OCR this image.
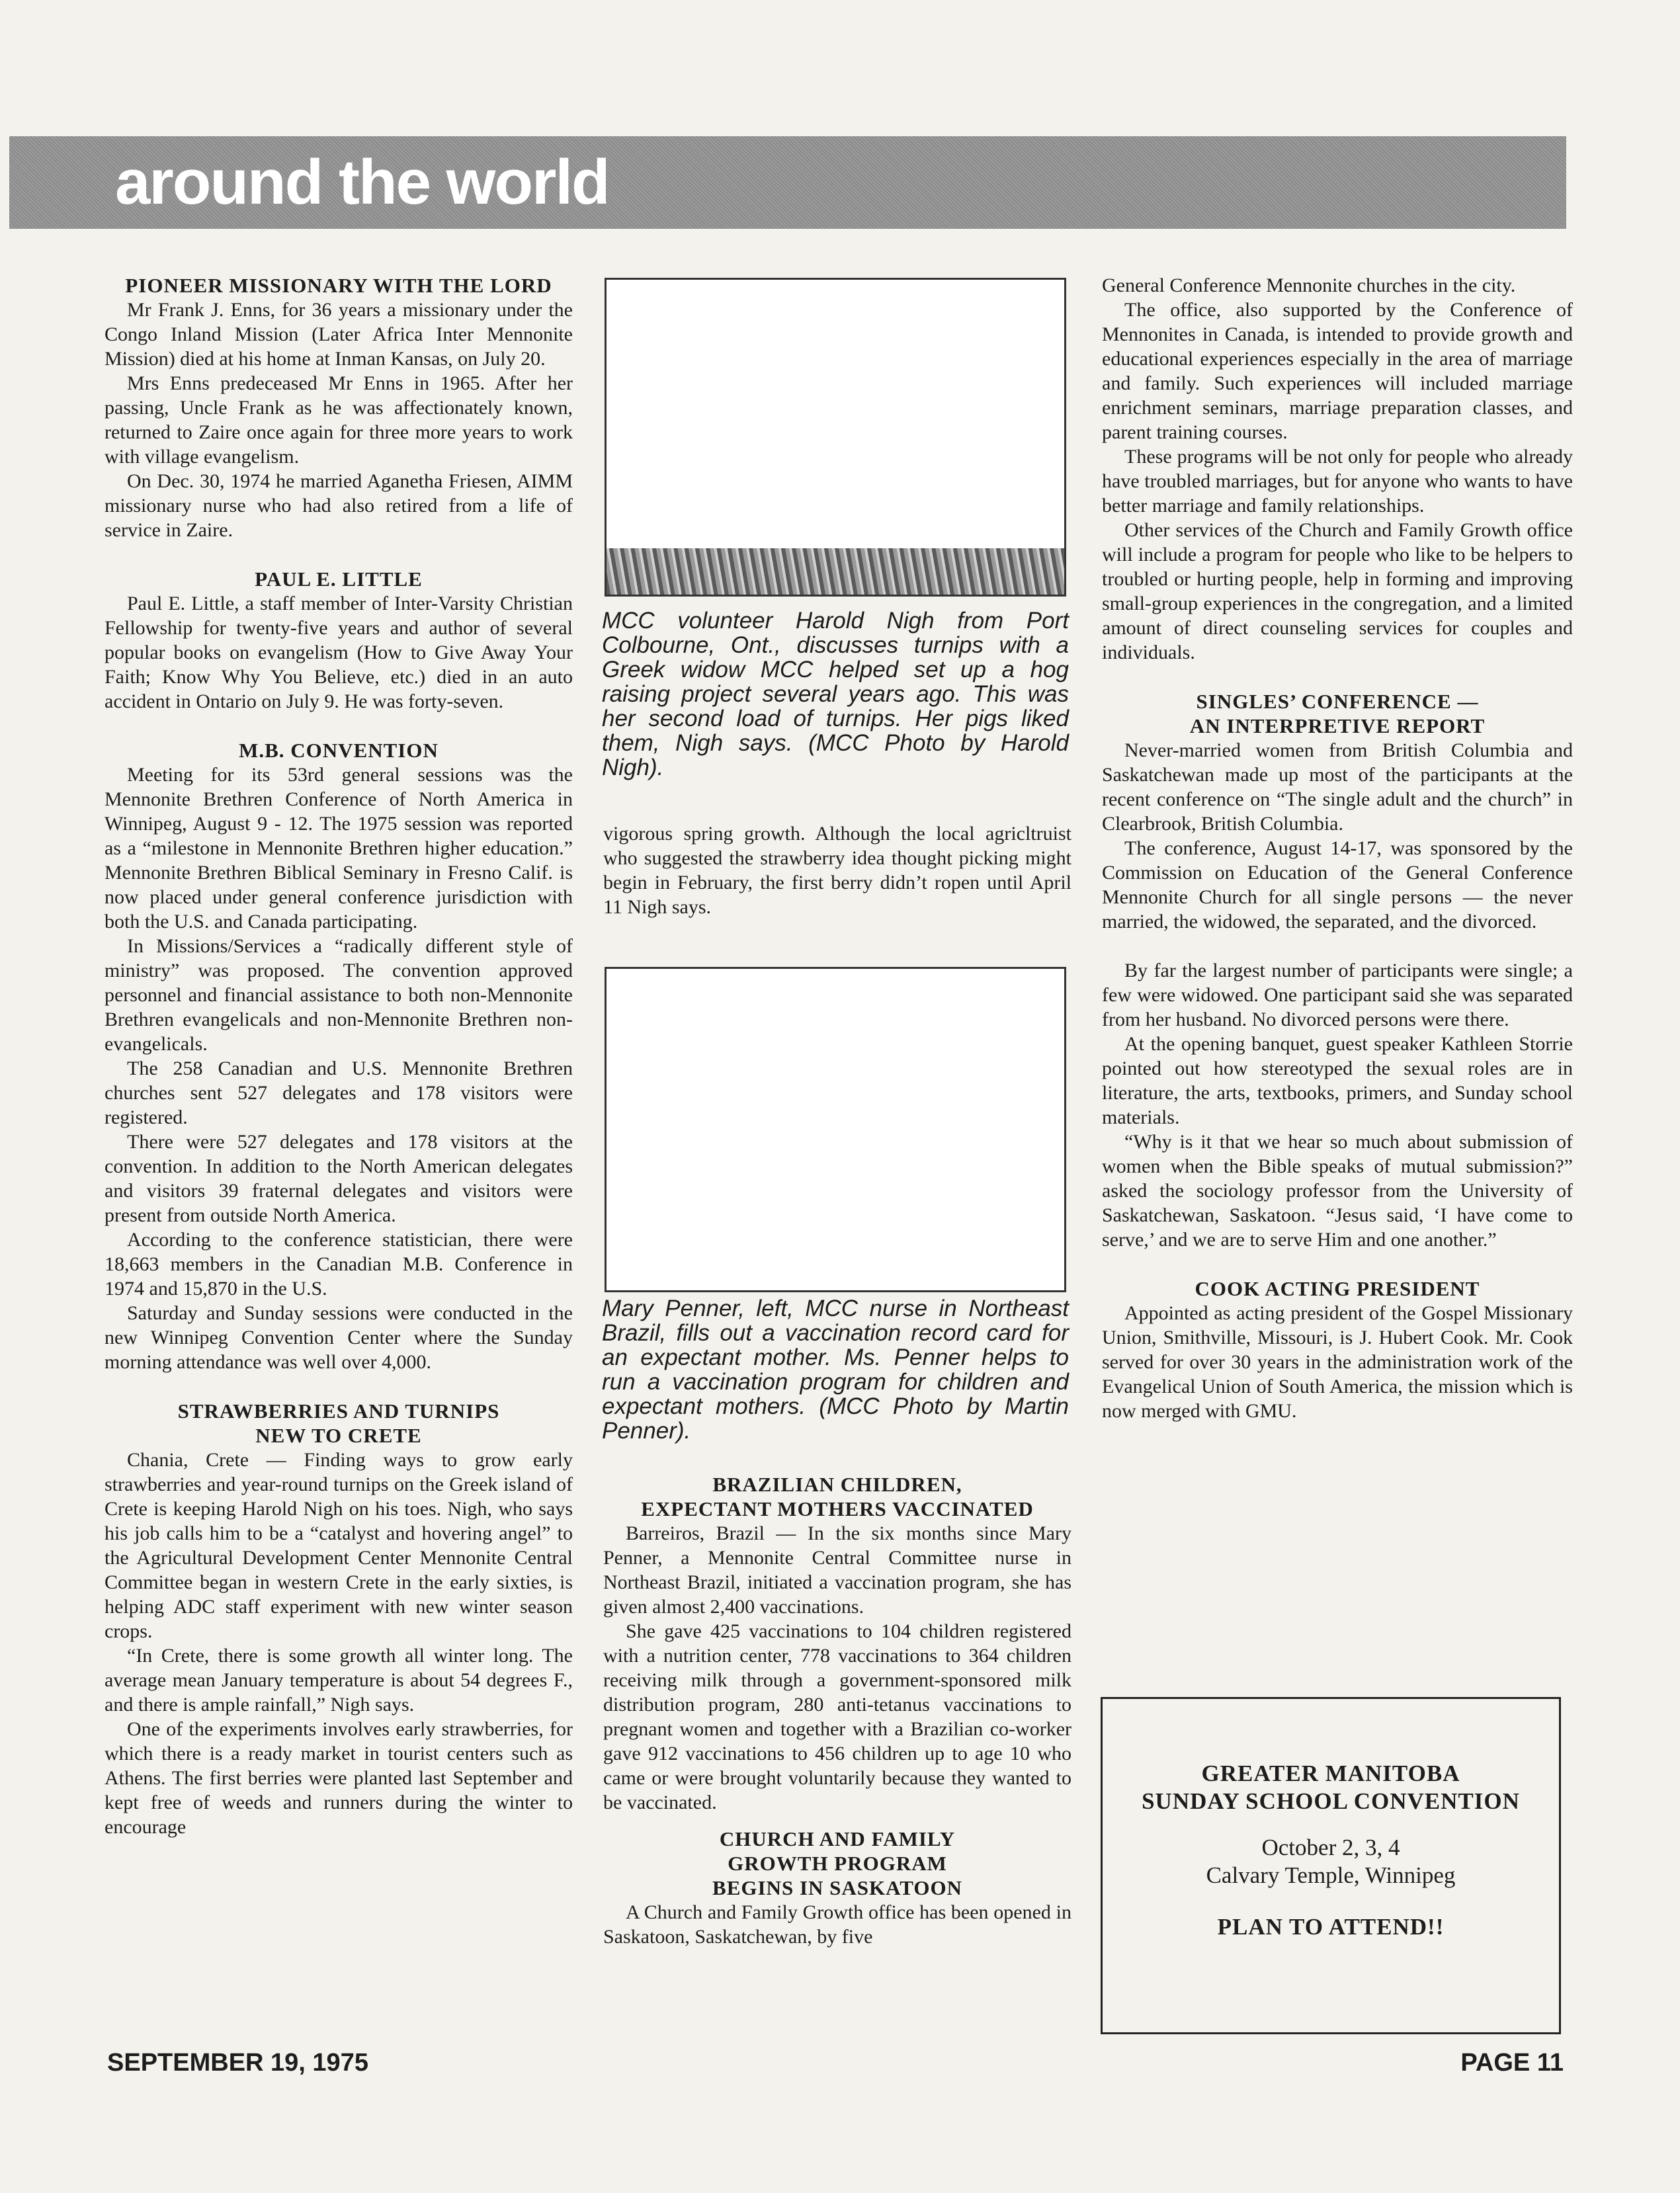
around the world
PIONEER MISSIONARY WITH THE LORD

Mr Frank J. Enns, for 36 years a missionary under the Congo Inland Mission (Later Africa Inter Mennonite Mission) died at his home at Inman Kansas, on July 20.

Mrs Enns predeceased Mr Enns in 1965. After her passing, Uncle Frank as he was affectionately known, returned to Zaire once again for three more years to work with village evangelism.

On Dec. 30, 1974 he married Aganetha Friesen, AIMM missionary nurse who had also retired from a life of service in Zaire.

PAUL E. LITTLE

Paul E. Little, a staff member of Inter-Varsity Christian Fellowship for twenty-five years and author of several popular books on evangelism (How to Give Away Your Faith; Know Why You Believe, etc.) died in an auto accident in Ontario on July 9. He was forty-seven.

M.B. CONVENTION

Meeting for its 53rd general sessions was the Mennonite Brethren Conference of North America in Winnipeg, August 9 - 12. The 1975 session was reported as a “milestone in Mennonite Brethren higher education.” Mennonite Brethren Biblical Seminary in Fresno Calif. is now placed under general conference jurisdiction with both the U.S. and Canada participating.

In Missions/Services a “radically different style of ministry” was proposed. The convention approved personnel and financial assistance to both non-Mennonite Brethren evangelicals and non-Mennonite Brethren non-evangelicals.

The 258 Canadian and U.S. Mennonite Brethren churches sent 527 delegates and 178 visitors were registered.

There were 527 delegates and 178 visitors at the convention. In addition to the North American delegates and visitors 39 fraternal delegates and visitors were present from outside North America.

According to the conference statistician, there were 18,663 members in the Canadian M.B. Conference in 1974 and 15,870 in the U.S.

Saturday and Sunday sessions were conducted in the new Winnipeg Convention Center where the Sunday morning attendance was well over 4,000.

STRAWBERRIES AND TURNIPS
NEW TO CRETE

Chania, Crete — Finding ways to grow early strawberries and year-round turnips on the Greek island of Crete is keeping Harold Nigh on his toes. Nigh, who says his job calls him to be a “catalyst and hovering angel” to the Agricultural Development Center Mennonite Central Committee began in western Crete in the early sixties, is helping ADC staff experiment with new winter season crops.

“In Crete, there is some growth all winter long. The average mean January temperature is about 54 degrees F., and there is ample rainfall,” Nigh says.

One of the experiments involves early strawberries, for which there is a ready market in tourist centers such as Athens. The first berries were planted last September and kept free of weeds and runners during the winter to encourage

MCC volunteer Harold Nigh from Port Colbourne, Ont., discusses turnips with a Greek widow MCC helped set up a hog raising project several years ago. This was her second load of turnips. Her pigs liked them, Nigh says. (MCC Photo by Harold Nigh).

vigorous spring growth. Although the local agricltruist who suggested the strawberry idea thought picking might begin in February, the first berry didn’t ropen until April 11 Nigh says.

Mary Penner, left, MCC nurse in Northeast Brazil, fills out a vaccination record card for an expectant mother. Ms. Penner helps to run a vaccination program for children and expectant mothers. (MCC Photo by Martin Penner).
BRAZILIAN CHILDREN,
EXPECTANT MOTHERS VACCINATED

Barreiros, Brazil — In the six months since Mary Penner, a Mennonite Central Committee nurse in Northeast Brazil, initiated a vaccination program, she has given almost 2,400 vaccinations.

She gave 425 vaccinations to 104 children registered with a nutrition center, 778 vaccinations to 364 children receiving milk through a government-sponsored milk distribution program, 280 anti-tetanus vaccinations to pregnant women and together with a Brazilian co-worker gave 912 vaccinations to 456 children up to age 10 who came or were brought voluntarily because they wanted to be vaccinated.

CHURCH AND FAMILY
GROWTH PROGRAM
BEGINS IN SASKATOON

A Church and Family Growth office has been opened in Saskatoon, Saskatchewan, by five

General Conference Mennonite churches in the city.

The office, also supported by the Conference of Mennonites in Canada, is intended to provide growth and educational experiences especially in the area of marriage and family. Such experiences will included marriage enrichment seminars, marriage preparation classes, and parent training courses.

These programs will be not only for people who already have troubled marriages, but for anyone who wants to have better marriage and family relationships.

Other services of the Church and Family Growth office will include a program for people who like to be helpers to troubled or hurting people, help in forming and improving small-group experiences in the congregation, and a limited amount of direct counseling services for couples and individuals.

SINGLES’ CONFERENCE —
AN INTERPRETIVE REPORT

Never-married women from British Columbia and Saskatchewan made up most of the participants at the recent conference on “The single adult and the church” in Clearbrook, British Columbia.

The conference, August 14-17, was sponsored by the Commission on Education of the General Conference Mennonite Church for all single persons — the never married, the widowed, the separated, and the divorced.

By far the largest number of participants were single; a few were widowed. One participant said she was separated from her husband. No divorced persons were there.

At the opening banquet, guest speaker Kathleen Storrie pointed out how stereotyped the sexual roles are in literature, the arts, textbooks, primers, and Sunday school materials.

“Why is it that we hear so much about submission of women when the Bible speaks of mutual submission?” asked the sociology professor from the University of Saskatchewan, Saskatoon. “Jesus said, ‘I have come to serve,’ and we are to serve Him and one another.”

COOK ACTING PRESIDENT

Appointed as acting president of the Gospel Missionary Union, Smithville, Missouri, is J. Hubert Cook. Mr. Cook served for over 30 years in the administration work of the Evangelical Union of South America, the mission which is now merged with GMU.

GREATER MANITOBA
SUNDAY SCHOOL CONVENTION
October 2, 3, 4
Calvary Temple, Winnipeg
PLAN TO ATTEND!!
SEPTEMBER 19, 1975	PAGE 11
